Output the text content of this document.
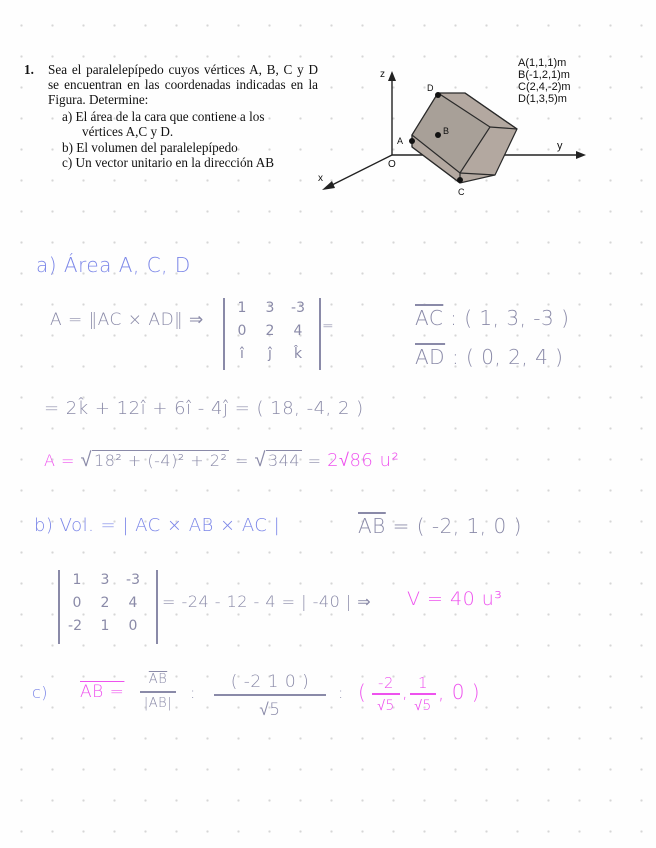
1. Sea el paralelepípedo cuyos vértices A, B, C y D se encuentran en las coordenadas indicadas en la Figura. Determine:
a) El área de la cara que contiene a los
vértices A,C y D.
b) El volumen del paralelepípedo
c) Un vector unitario en la dirección AB
z
y
x
O
A
B
C
D
A(1,1,1)m
B(-1,2,1)m
C(2,4,-2)m
D(1,3,5)m
a) Área A, C, D
A = ‖AC × AD‖ ⇒
1	3	-3
0	2	4
î	ĵ	k̂
=	$\overline{AC}$ : ( 1, 3, -3 )
$\overline{AD}$ : ( 0, 2, 4 )
= 2k̂ + 12î + 6î - 4ĵ = ( 18, -4, 2 )
A = √ 18² + (-4)² + 2² = √ 344 = 2√86 u²
b) Vol. = | AC × AB × AC |	$\overline{AB}$ = ( -2, 1, 0 )
1	3	-3
0	2	4
-2	1	0
= -24 - 12 - 4 = | -40 | ⇒ V = 40 u³
c) AB =
$\overline{AB}$
|AB|
:
( -2 1 0 )
√5
: ( -2
√5
, 1
√5
, 0 )
